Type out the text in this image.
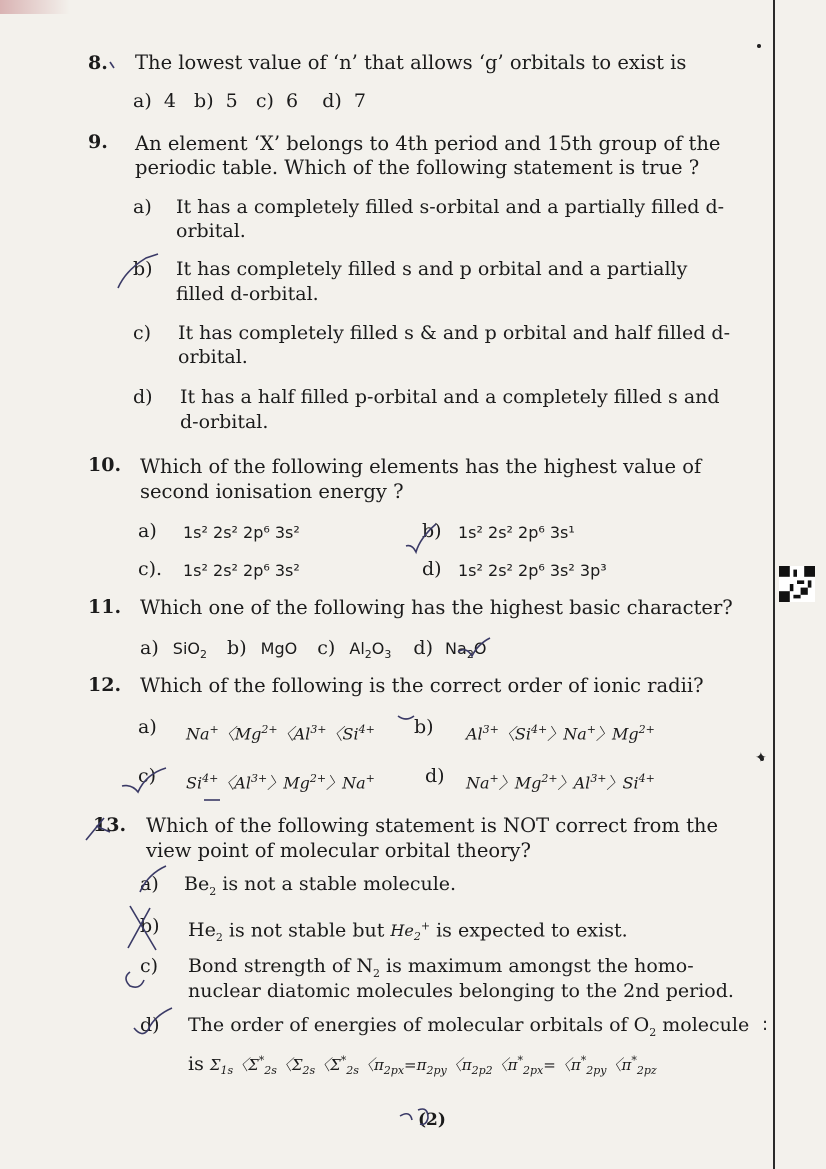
8. The lowest value of ‘n’ that allows ‘g’ orbitals to exist is
a)  4   b)  5   c)  6    d)  7
9. An element ‘X’ belongs to 4th period and 15th group of the
periodic table. Which of the following statement is true ?
a) It has a completely filled s-orbital and a partially filled d-
orbital.
b) It has completely filled s and p orbital and a partially
filled d-orbital.
c) It has completely filled s & and p orbital and half filled d-
orbital.
d) It has a half filled p-orbital and a completely filled s and
d-orbital.
10. Which of the following elements has the highest value of
second ionisation energy ?
a) 1s² 2s² 2p⁶ 3s²	b) 1s² 2s² 2p⁶ 3s¹
c). 1s² 2s² 2p⁶ 3s²	d) 1s² 2s² 2p⁶ 3s² 3p³
11. Which one of the following has the highest basic character?
a) SiO$_2$ b) MgO c) $Al_2O_3$ d) $Na_2O$
12. Which of the following is the correct order of ionic radii?
a) Na+〈$Mg^{2+}$〈$Al^{3+}$〈$Si^{4+}$ b) $Al^{3+}$〈$Si^{4+}$〉Na+〉$Mg^{2+}$
c) $Si^{4+}$〈$Al^{3+}$〉$Mg^{2+}$〉Na+	d) Na+〉$Mg^{2+}$〉$Al^{3+}$〉$Si^{4+}$
13. Which of the following statement is NOT correct from the
view point of molecular orbital theory?
a) $Be_2$ is not a stable molecule.
b) $He_2$ is not stable but $He_2^+$ is expected to exist.
c) Bond strength of $N_2$ is maximum amongst the homo-
nuclear diatomic molecules belonging to the 2nd period.
d) The order of energies of molecular orbitals of $O_2$ molecule
is $\Sigma_{1s}$〈$\Sigma^*_{2s}$〈$\Sigma_{2s}$〈$\Sigma^*_{2s}$〈$\pi_{2px}=\pi_{2py}$〈$\pi_{2p2}$〈$\pi^*_{2px}=$〈$\pi^*_{2py}$〈$\pi^*_{2pz}$
(2)
:
✦
